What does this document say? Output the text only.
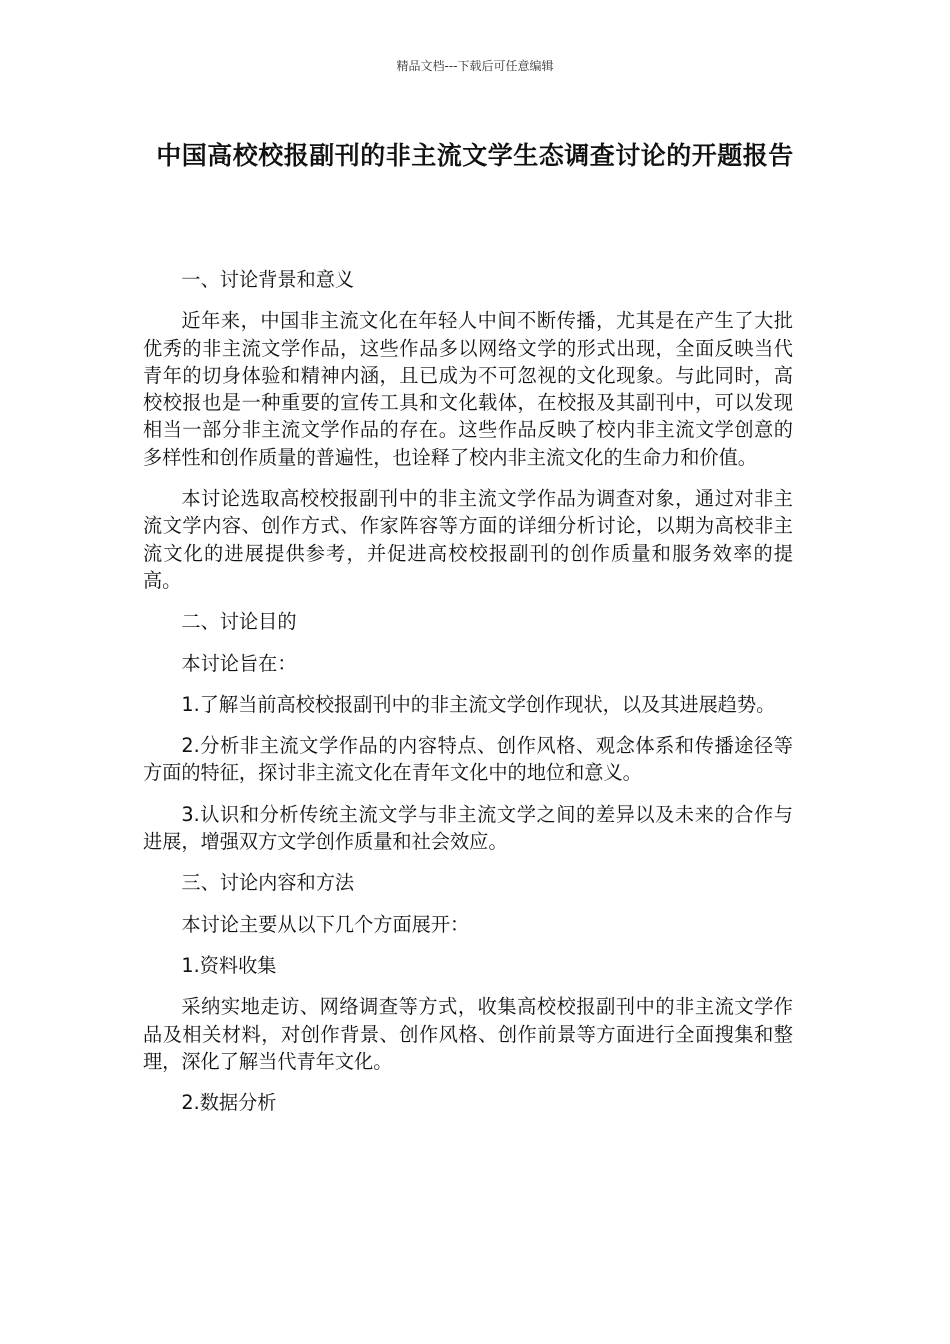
精品文档---下载后可任意编辑
中国高校校报副刊的非主流文学生态调查讨论的开题报告

一、讨论背景和意义

近年来，中国非主流文化在年轻人中间不断传播，尤其是在产生了大批优秀的非主流文学作品，这些作品多以网络文学的形式出现，全面反映当代青年的切身体验和精神内涵，且已成为不可忽视的文化现象。与此同时，高校校报也是一种重要的宣传工具和文化载体，在校报及其副刊中，可以发现相当一部分非主流文学作品的存在。这些作品反映了校内非主流文学创意的多样性和创作质量的普遍性，也诠释了校内非主流文化的生命力和价值。

本讨论选取高校校报副刊中的非主流文学作品为调查对象，通过对非主流文学内容、创作方式、作家阵容等方面的详细分析讨论，以期为高校非主流文化的进展提供参考，并促进高校校报副刊的创作质量和服务效率的提高。

二、讨论目的

本讨论旨在：

1.了解当前高校校报副刊中的非主流文学创作现状，以及其进展趋势。

2.分析非主流文学作品的内容特点、创作风格、观念体系和传播途径等方面的特征，探讨非主流文化在青年文化中的地位和意义。

3.认识和分析传统主流文学与非主流文学之间的差异以及未来的合作与进展，增强双方文学创作质量和社会效应。

三、讨论内容和方法

本讨论主要从以下几个方面展开：

1.资料收集

采纳实地走访、网络调查等方式，收集高校校报副刊中的非主流文学作品及相关材料，对创作背景、创作风格、创作前景等方面进行全面搜集和整理，深化了解当代青年文化。

2.数据分析
